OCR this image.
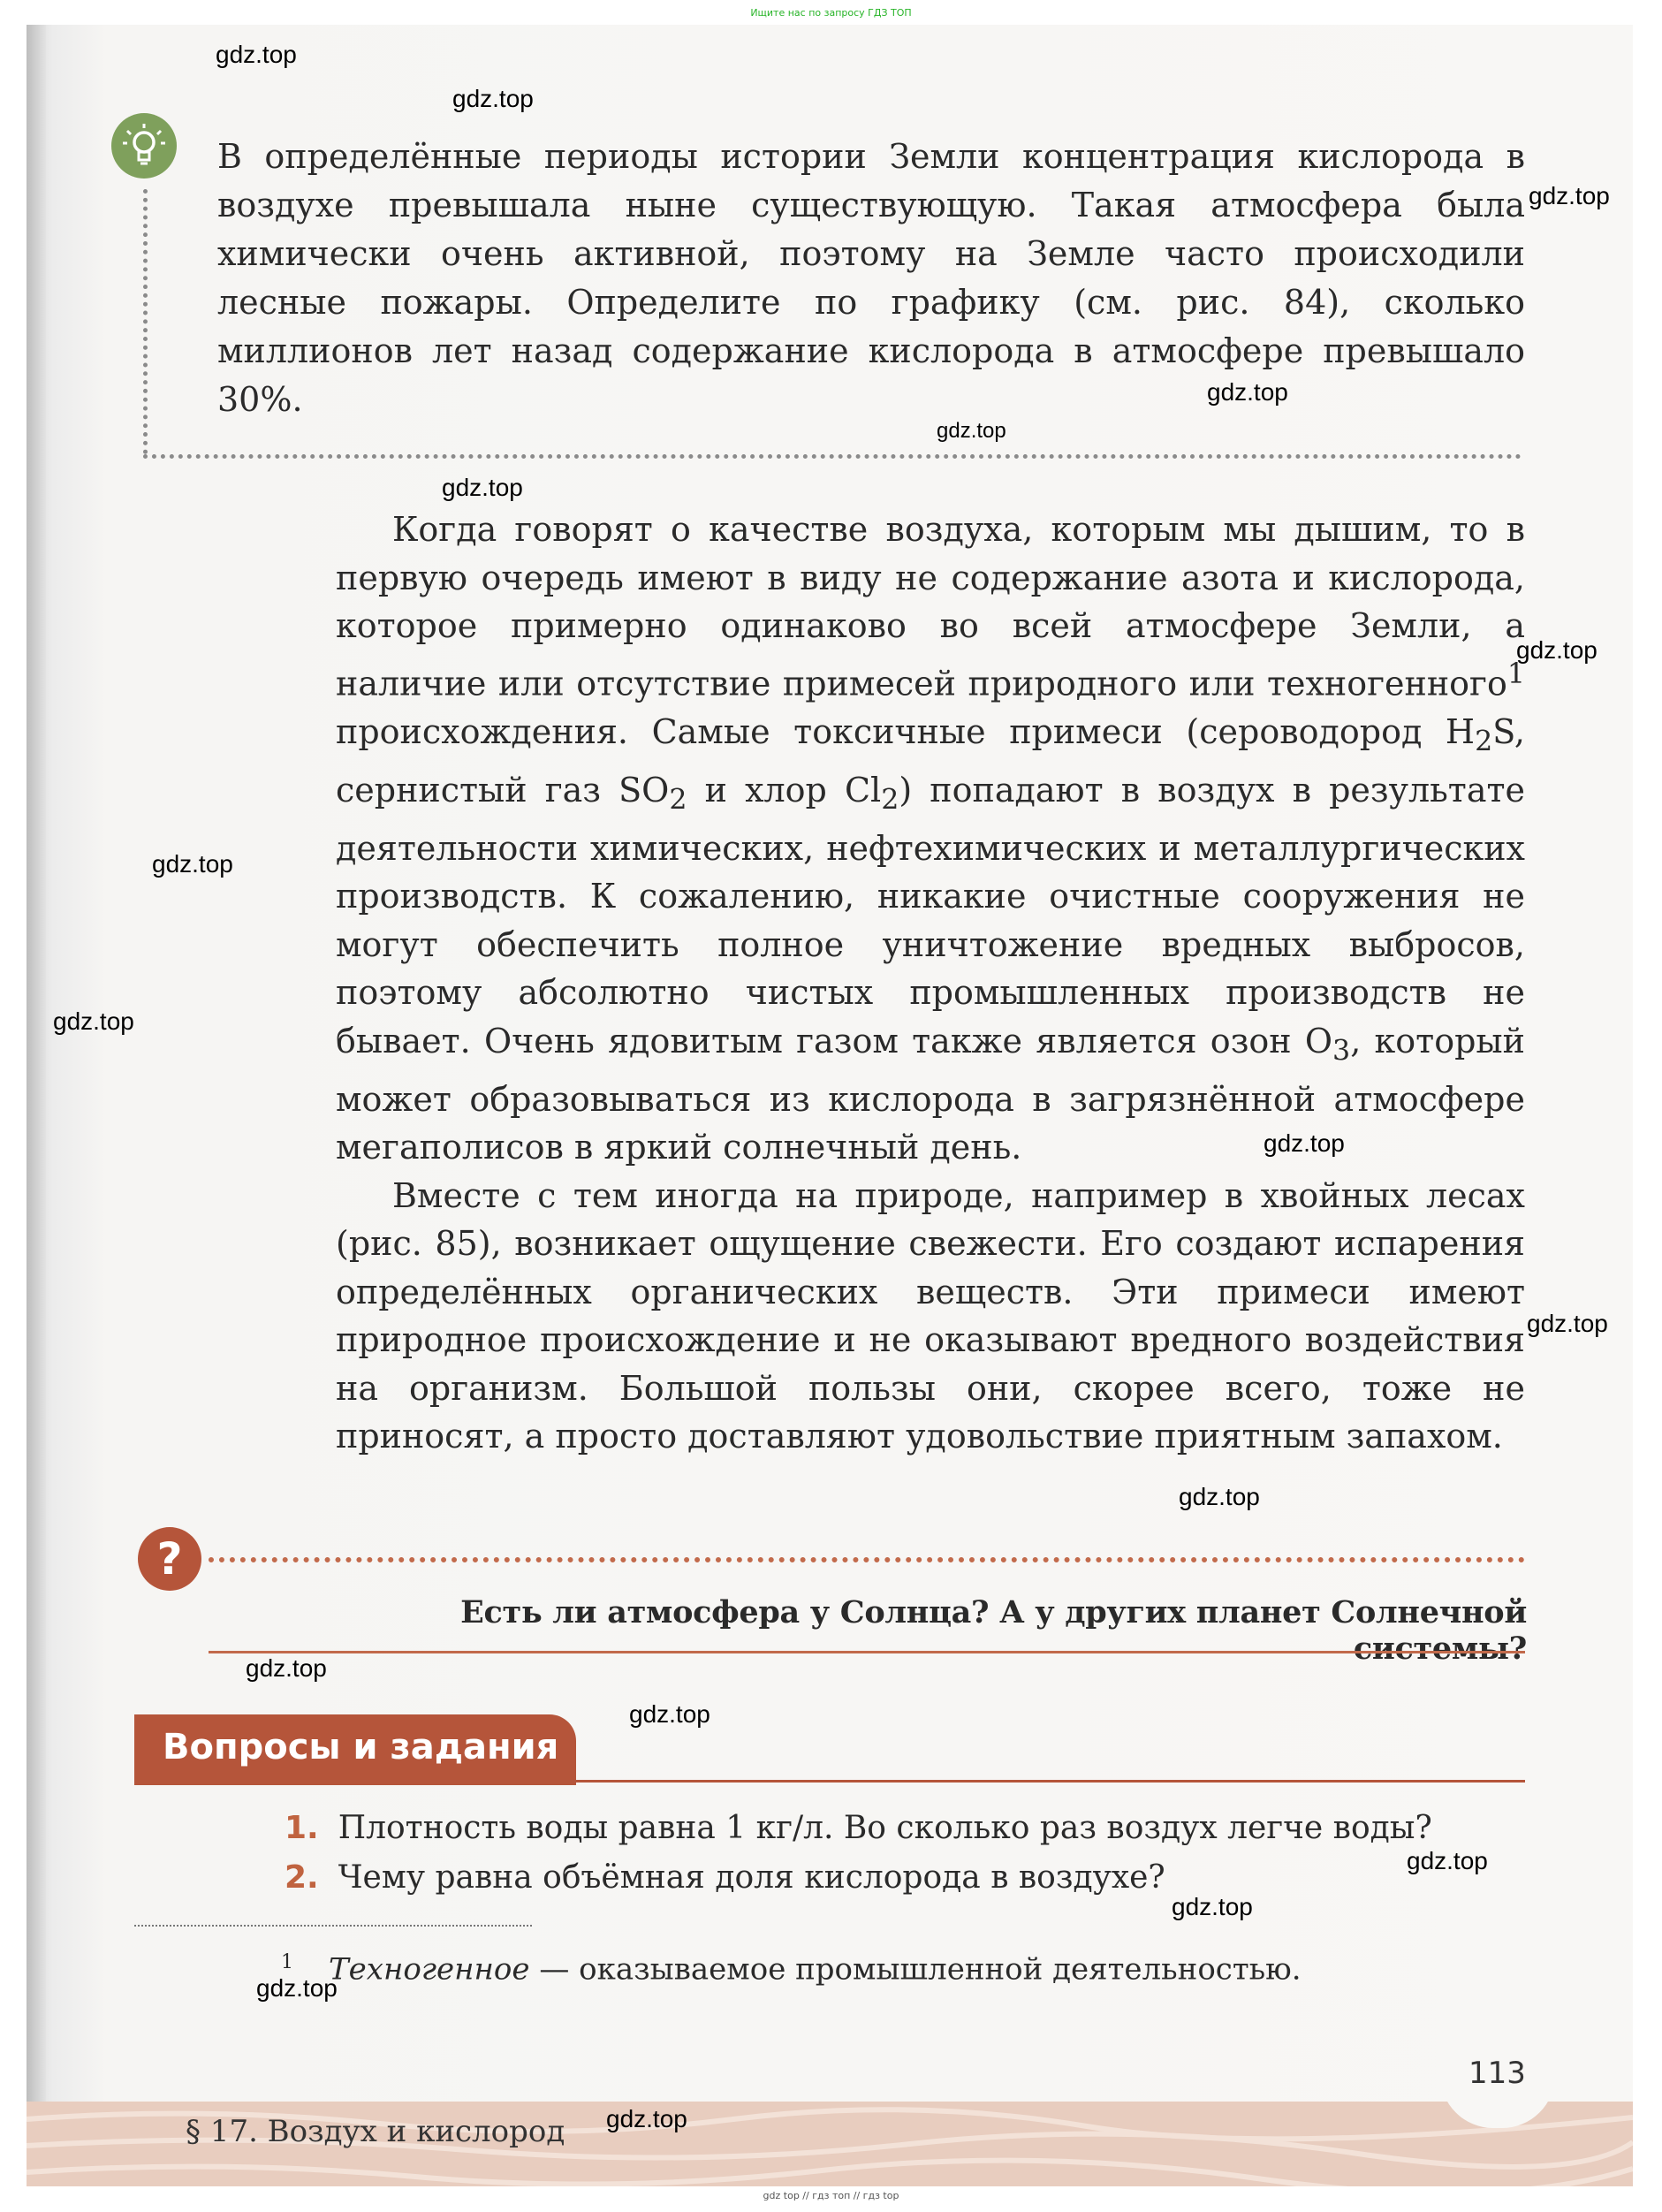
Ищите нас по запросу ГДЗ ТОП

В определённые периоды истории Земли концентрация кислорода в воздухе превышала ныне существующую. Такая атмосфера была химически очень активной, поэтому на Земле часто происходили лесные пожары. Определите по графику (см. рис. 84), сколько миллионов лет назад содержание кислорода в атмосфере превышало 30%.

Когда говорят о качестве воздуха, которым мы дышим, то в первую очередь имеют в виду не содержание азота и кислорода, которое примерно одинаково во всей атмосфере Земли, а наличие или отсутствие примесей природного или техногенного$^1$ происхождения. Самые токсичные примеси (сероводород $H_2S$, сернистый газ $SO_2$ и хлор $Cl_2$) попадают в воздух в результате деятельности химических, нефтехимических и металлургических производств. К сожалению, никакие очистные сооружения не могут обеспечить полное уничтожение вредных выбросов, поэтому абсолютно чистых промышленных производств не бывает. Очень ядовитым газом также является озон $O_3$, который может образовываться из кислорода в загрязнённой атмосфере мегаполисов в яркий солнечный день.

Вместе с тем иногда на природе, например в хвойных лесах (рис. 85), возникает ощущение свежести. Его создают испарения определённых органических веществ. Эти примеси имеют природное происхождение и не оказывают вредного воздействия на организм. Большой пользы они, скорее всего, тоже не приносят, а просто доставляют удовольствие приятным запахом.

?
Есть ли атмосфера у Солнца? А у других планет Солнечной системы?
Вопросы и задания
1. Плотность воды равна 1 кг/л. Во сколько раз воздух легче воды?
2. Чему равна объёмная доля кислорода в воздухе?
$^1$ Техногенное — оказываемое промышленной деятельностью.
113
§ 17. Воздух и кислород
gdz.top
gdz.top
gdz.top
gdz.top
gdz.top
gdz.top
gdz.top
gdz.top
gdz.top
gdz.top
gdz.top
gdz.top
gdz.top
gdz.top
gdz.top
gdz.top
gdz.top
gdz.top
gdz top // гдз топ // гдз top
